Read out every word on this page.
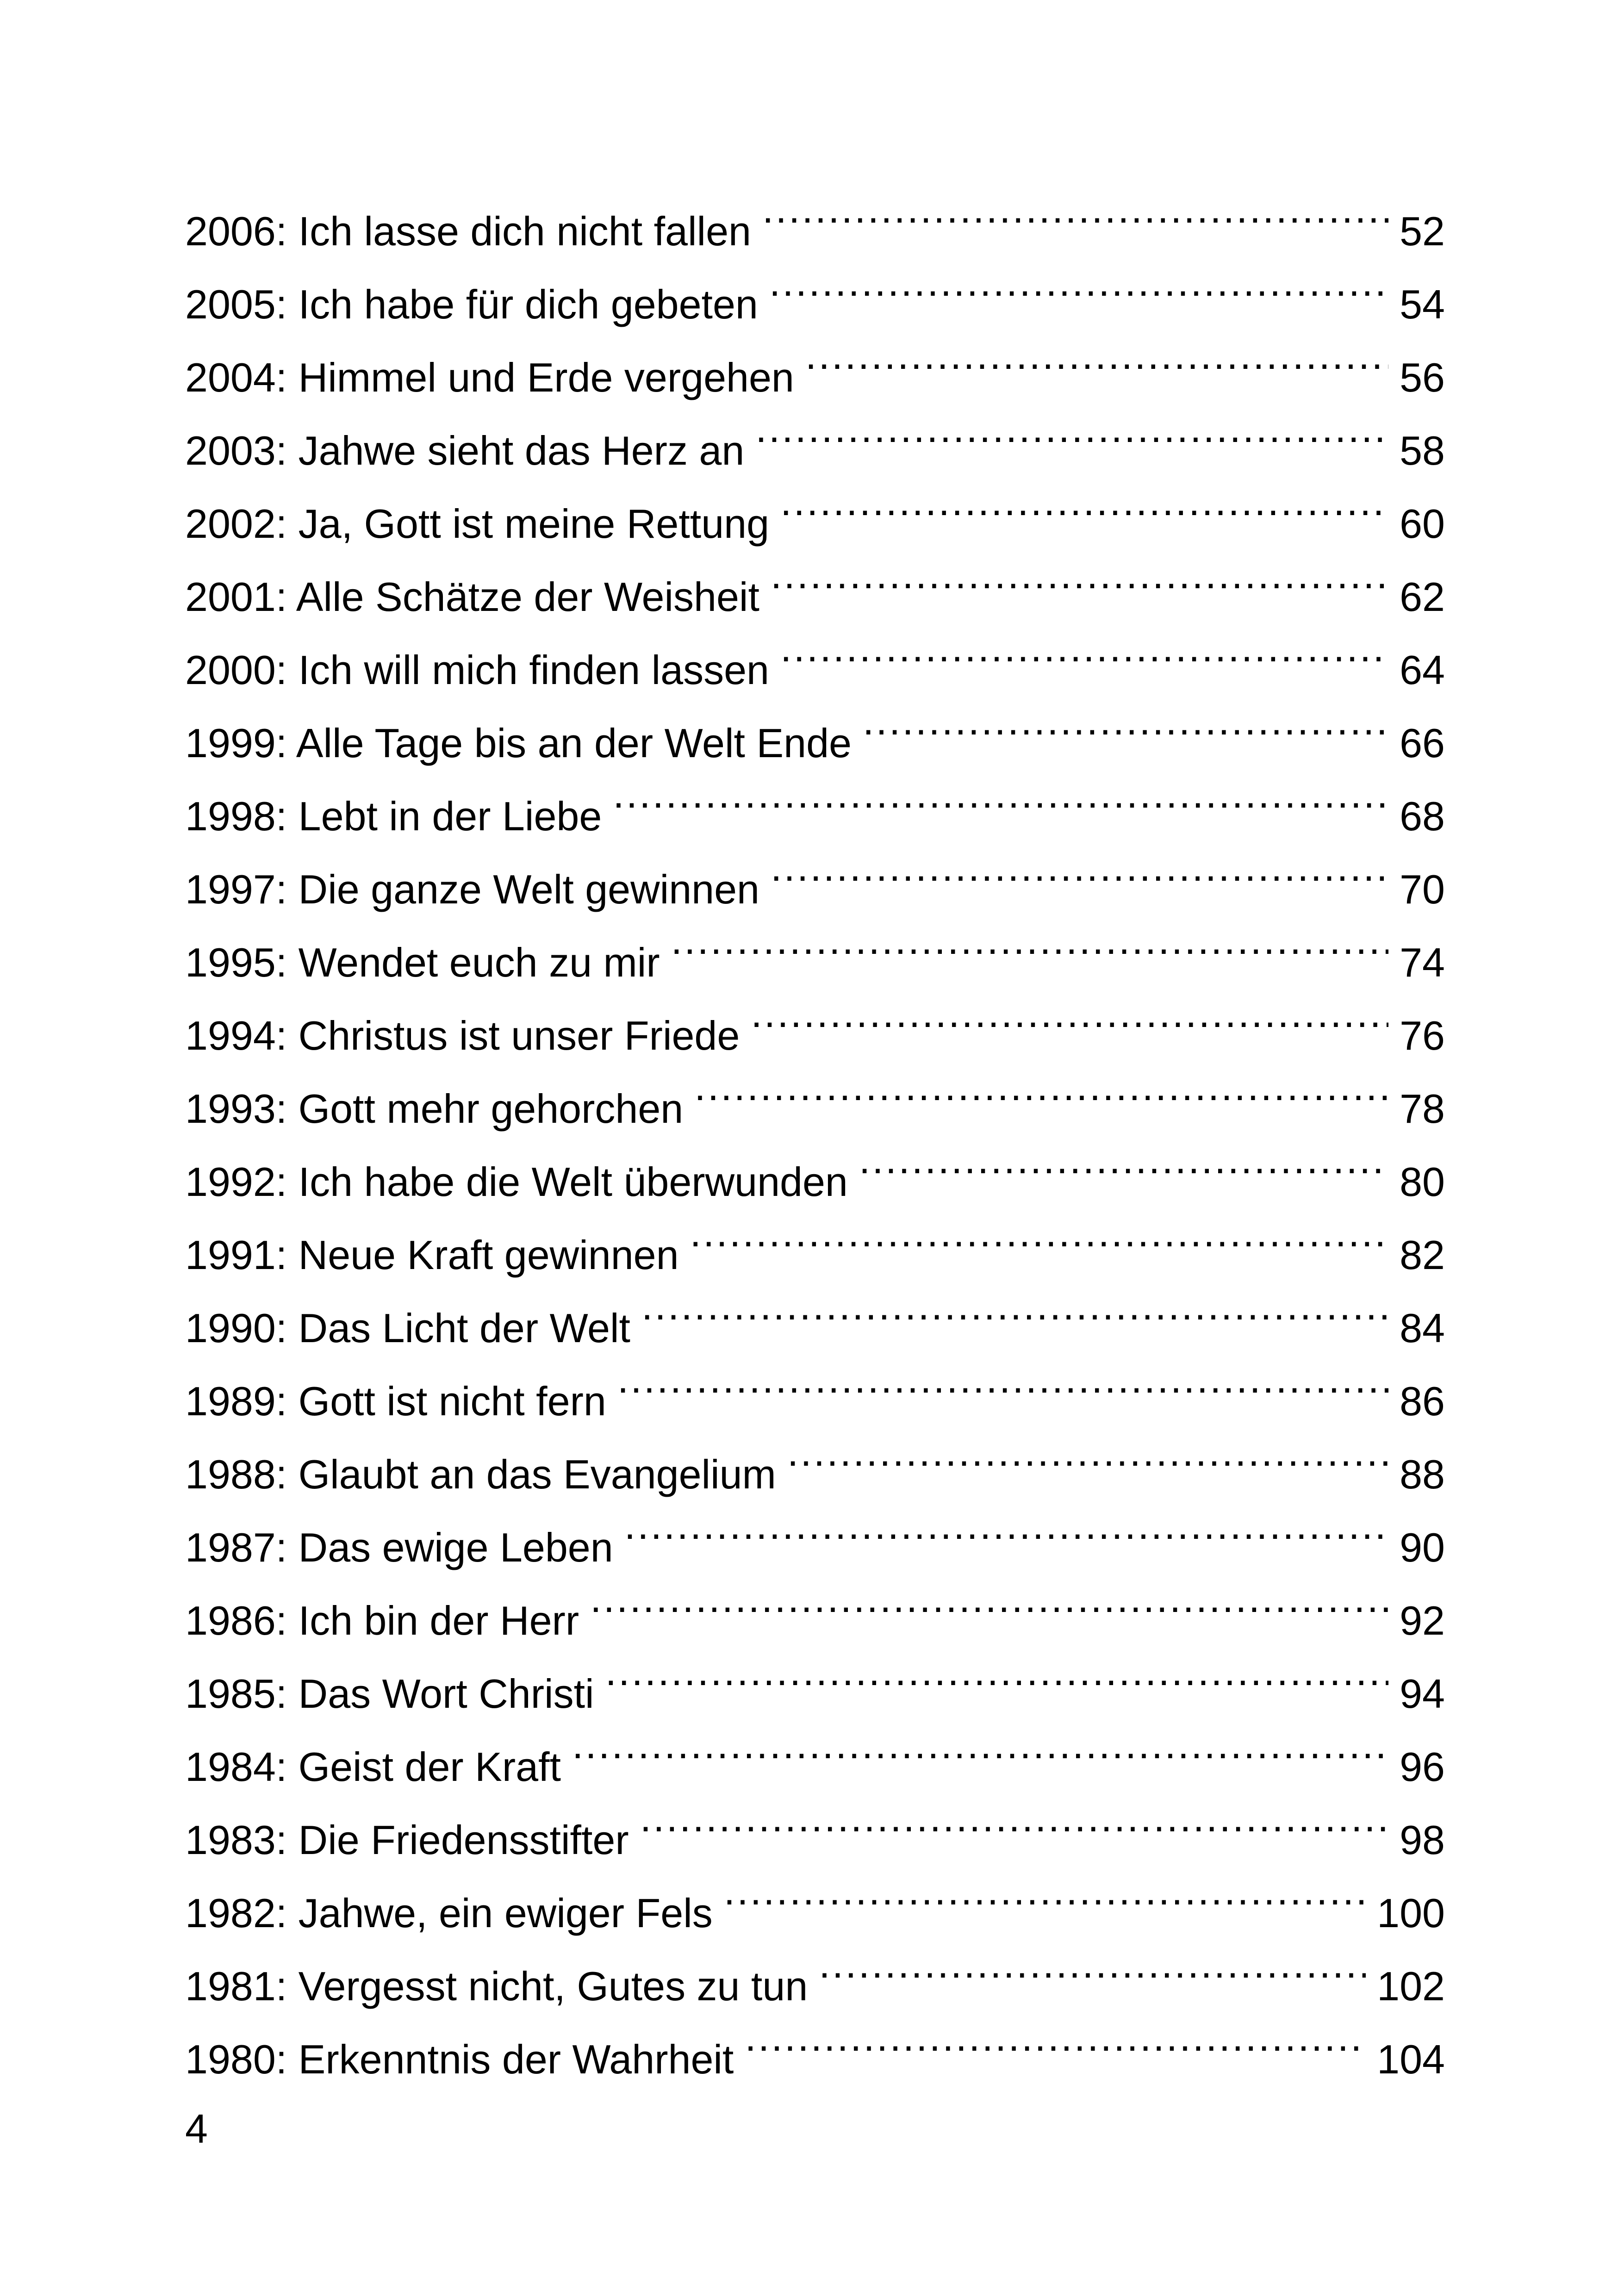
2006: Ich lasse dich nicht fallen .....	52
2005: Ich habe für dich gebeten .....	54
2004: Himmel und Erde vergehen .....	56
2003: Jahwe sieht das Herz an .....	58
2002: Ja, Gott ist meine Rettung .....	60
2001: Alle Schätze der Weisheit .....	62
2000: Ich will mich finden lassen .....	64
1999: Alle Tage bis an der Welt Ende .....	66
1998: Lebt in der Liebe .....	68
1997: Die ganze Welt gewinnen .....	70
1995: Wendet euch zu mir .....	74
1994: Christus ist unser Friede .....	76
1993: Gott mehr gehorchen .....	78
1992: Ich habe die Welt überwunden .....	80
1991: Neue Kraft gewinnen .....	82
1990: Das Licht der Welt .....	84
1989: Gott ist nicht fern .....	86
1988: Glaubt an das Evangelium .....	88
1987: Das ewige Leben .....	90
1986: Ich bin der Herr .....	92
1985: Das Wort Christi .....	94
1984: Geist der Kraft .....	96
1983: Die Friedensstifter .....	98
1982: Jahwe, ein ewiger Fels .....	100
1981: Vergesst nicht, Gutes zu tun .....	102
1980: Erkenntnis der Wahrheit .....	104
4
